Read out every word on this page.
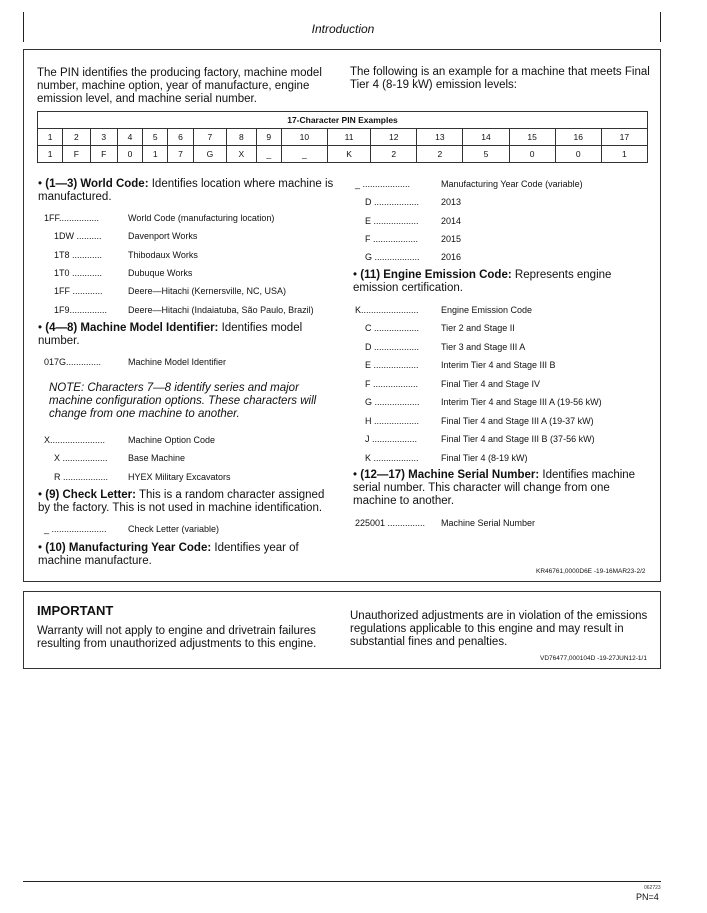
Introduction
The PIN identifies the producing factory, machine model number, machine option, year of manufacture, engine emission level, and machine serial number.
The following is an example for a machine that meets Final Tier 4 (8-19 kW) emission levels:
17-Character PIN Examples																
1	2	3	4	5	6	7	8	9	10	11	12	13	14	15	16	17
1	F	F	0	1	7	G	X	_	_	K	2	2	5	0	0	1
• (1—3) World Code: Identifies location where machine is manufactured.
1FF................	World Code (manufacturing location)
1DW ..........	Davenport Works
1T8 ............	Thibodaux Works
1T0 ............	Dubuque Works
1FF ............	Deere—Hitachi (Kernersville, NC, USA)
1F9............... Deere—Hitachi (Indaiatuba, São Paulo, Brazil)
• (4—8) Machine Model Identifier: Identifies model number.
017G..............	Machine Model Identifier
NOTE: Characters 7—8 identify series and major machine configuration options. These characters will change from one machine to another.
X......................	Machine Option Code
X .................. Base Machine
R .................. HYEX Military Excavators
• (9) Check Letter: This is a random character assigned by the factory. This is not used in machine identification.
_ ...................... Check Letter (variable)
• (10) Manufacturing Year Code: Identifies year of machine manufacture.
_ ...................	Manufacturing Year Code (variable)
D .................. 2013
E .................. 2014
F ..................	2015
G .................. 2016
• (11) Engine Emission Code: Represents engine emission certification.
K....................... Engine Emission Code
C .................. Tier 2 and Stage II
D .................. Tier 3 and Stage III A
E .................. Interim Tier 4 and Stage III B
F ..................	Final Tier 4 and Stage IV
G .................. Interim Tier 4 and Stage III A (19-56 kW)
H .................. Final Tier 4 and Stage III A (19-37 kW)
J ..................	Final Tier 4 and Stage III B (37-56 kW)
K .................. Final Tier 4 (8-19 kW)
• (12—17) Machine Serial Number: Identifies machine serial number. This character will change from one machine to another.
225001 ............... Machine Serial Number
KR46761,0000D6E -19-16MAR23-2/2
IMPORTANT
Warranty will not apply to engine and drivetrain failures resulting from unauthorized adjustments to this engine.
Unauthorized adjustments are in violation of the emissions regulations applicable to this engine and may result in substantial fines and penalties.
VD76477,000104D -19-27JUN12-1/1
062723
PN=4
